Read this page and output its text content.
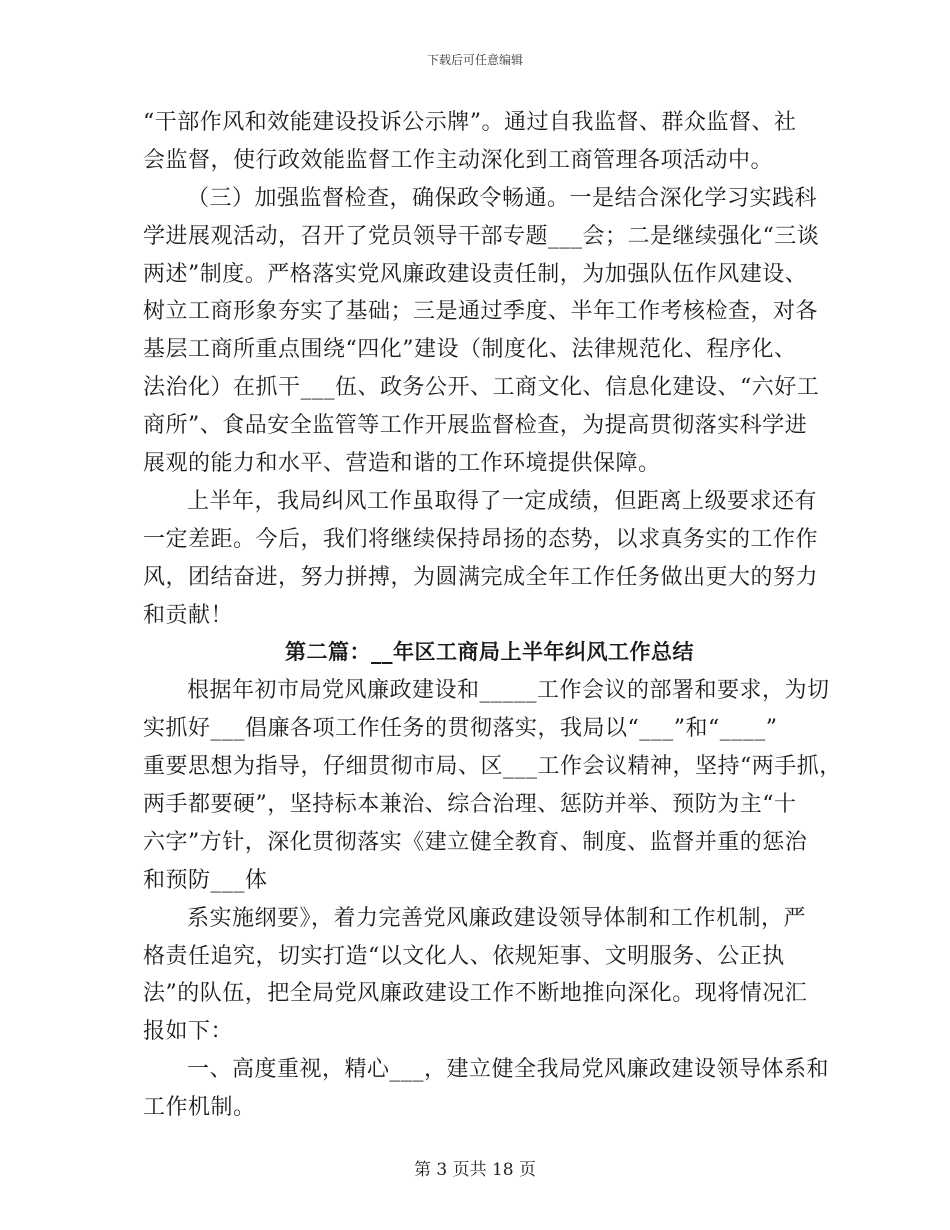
下载后可任意编辑
“干部作风和效能建设投诉公示牌”。通过自我监督、群众监督、社
会监督，使行政效能监督工作主动深化到工商管理各项活动中。
（三）加强监督检查，确保政令畅通。一是结合深化学习实践科
学进展观活动，召开了党员领导干部专题___会；二是继续强化“三谈
两述”制度。严格落实党风廉政建设责任制，为加强队伍作风建设、
树立工商形象夯实了基础；三是通过季度、半年工作考核检查，对各
基层工商所重点围绕“四化”建设（制度化、法律规范化、程序化、
法治化）在抓干___伍、政务公开、工商文化、信息化建设、“六好工
商所”、食品安全监管等工作开展监督检查，为提高贯彻落实科学进
展观的能力和水平、营造和谐的工作环境提供保障。
上半年，我局纠风工作虽取得了一定成绩，但距离上级要求还有
一定差距。今后，我们将继续保持昂扬的态势，以求真务实的工作作
风，团结奋进，努力拼搏，为圆满完成全年工作任务做出更大的努力
和贡献！
第二篇：__年区工商局上半年纠风工作总结
根据年初市局党风廉政建设和_____工作会议的部署和要求，为切
实抓好___倡廉各项工作任务的贯彻落实，我局以“___”和“____”
重要思想为指导，仔细贯彻市局、区___工作会议精神，坚持“两手抓，
两手都要硬”，坚持标本兼治、综合治理、惩防并举、预防为主“十
六字”方针，深化贯彻落实《建立健全教育、制度、监督并重的惩治
和预防___体
系实施纲要》，着力完善党风廉政建设领导体制和工作机制，严
格责任追究，切实打造“以文化人、依规矩事、文明服务、公正执
法”的队伍，把全局党风廉政建设工作不断地推向深化。现将情况汇
报如下：
一、高度重视，精心___，建立健全我局党风廉政建设领导体系和
工作机制。
第 3 页共 18 页
